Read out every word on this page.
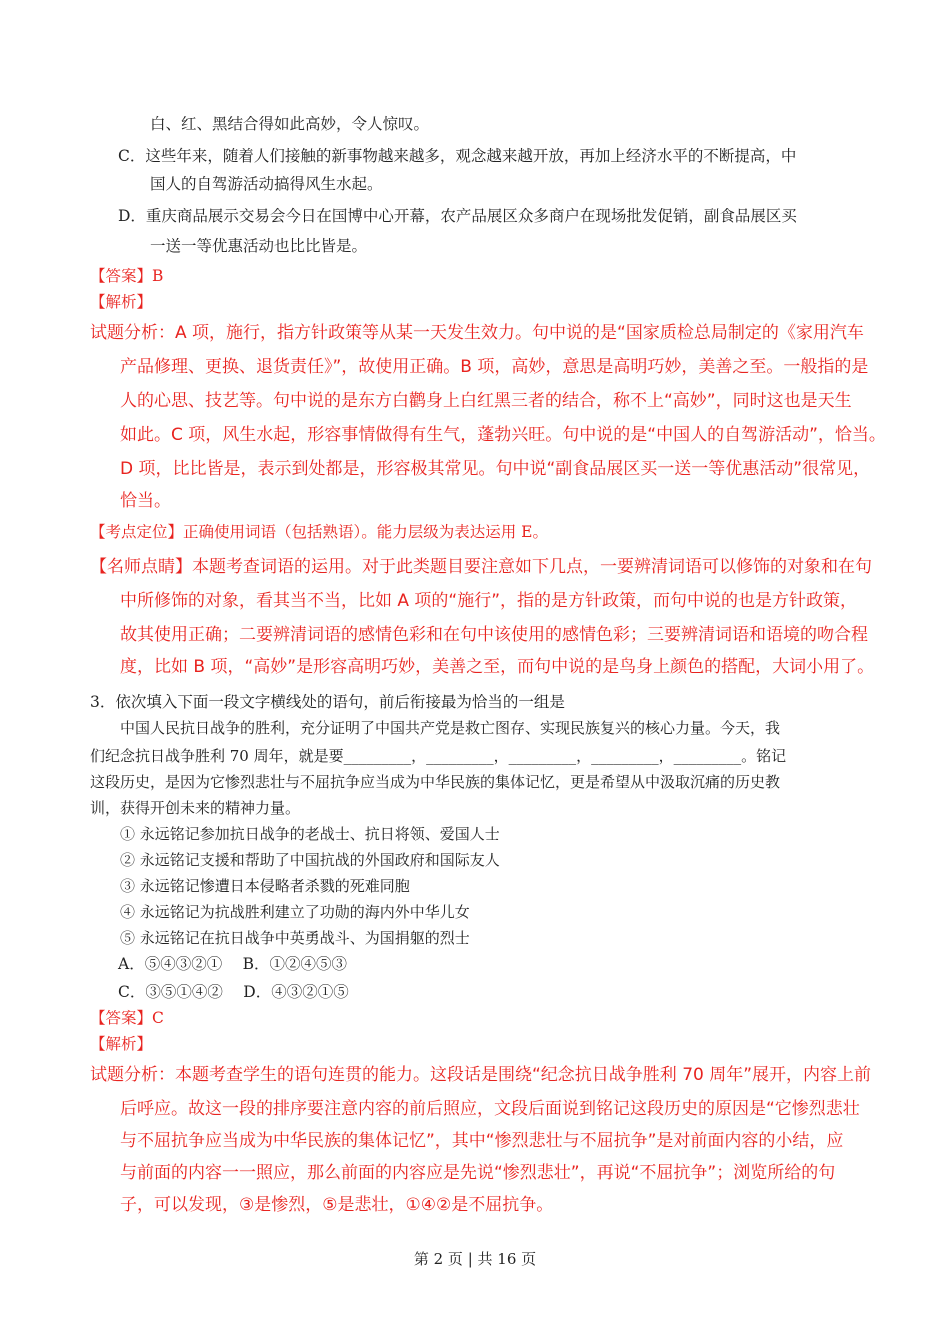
白、红、黑结合得如此高妙，令人惊叹。
C．这些年来，随着人们接触的新事物越来越多，观念越来越开放，再加上经济水平的不断提高，中
国人的自驾游活动搞得风生水起。
D．重庆商品展示交易会今日在国博中心开幕，农产品展区众多商户在现场批发促销，副食品展区买
一送一等优惠活动也比比皆是。
【答案】B
【解析】
试题分析：A 项，施行，指方针政策等从某一天发生效力。句中说的是“国家质检总局制定的《家用汽车
产品修理、更换、退货责任》”，故使用正确。B 项，高妙，意思是高明巧妙，美善之至。一般指的是
人的心思、技艺等。句中说的是东方白鹳身上白红黑三者的结合，称不上“高妙”，同时这也是天生
如此。C 项，风生水起，形容事情做得有生气，蓬勃兴旺。句中说的是“中国人的自驾游活动”，恰当。
D 项，比比皆是，表示到处都是，形容极其常见。句中说“副食品展区买一送一等优惠活动”很常见，
恰当。
【考点定位】正确使用词语（包括熟语）。能力层级为表达运用 E。
【名师点睛】本题考查词语的运用。对于此类题目要注意如下几点，一要辨清词语可以修饰的对象和在句
中所修饰的对象，看其当不当，比如 A 项的“施行”，指的是方针政策，而句中说的也是方针政策，
故其使用正确；二要辨清词语的感情色彩和在句中该使用的感情色彩；三要辨清词语和语境的吻合程
度，比如 B 项，“高妙”是形容高明巧妙，美善之至，而句中说的是鸟身上颜色的搭配，大词小用了。
3．依次填入下面一段文字横线处的语句，前后衔接最为恰当的一组是
中国人民抗日战争的胜利，充分证明了中国共产党是救亡图存、实现民族复兴的核心力量。今天，我
们纪念抗日战争胜利 70 周年，就是要_________，_________，_________，_________，_________。铭记
这段历史，是因为它惨烈悲壮与不屈抗争应当成为中华民族的集体记忆，更是希望从中汲取沉痛的历史教
训，获得开创未来的精神力量。
① 永远铭记参加抗日战争的老战士、抗日将领、爱国人士
② 永远铭记支援和帮助了中国抗战的外国政府和国际友人
③ 永远铭记惨遭日本侵略者杀戮的死难同胞
④ 永远铭记为抗战胜利建立了功勋的海内外中华儿女
⑤ 永远铭记在抗日战争中英勇战斗、为国捐躯的烈士
A．⑤④③②①　 B．①②④⑤③
C．③⑤①④②　 D．④③②①⑤
【答案】C
【解析】
试题分析：本题考查学生的语句连贯的能力。这段话是围绕“纪念抗日战争胜利 70 周年”展开，内容上前
后呼应。故这一段的排序要注意内容的前后照应，文段后面说到铭记这段历史的原因是“它惨烈悲壮
与不屈抗争应当成为中华民族的集体记忆”，其中“惨烈悲壮与不屈抗争”是对前面内容的小结，应
与前面的内容一一照应，那么前面的内容应是先说“惨烈悲壮”，再说“不屈抗争”；浏览所给的句
子，可以发现，③是惨烈，⑤是悲壮，①④②是不屈抗争。
第 2 页 | 共 16 页
